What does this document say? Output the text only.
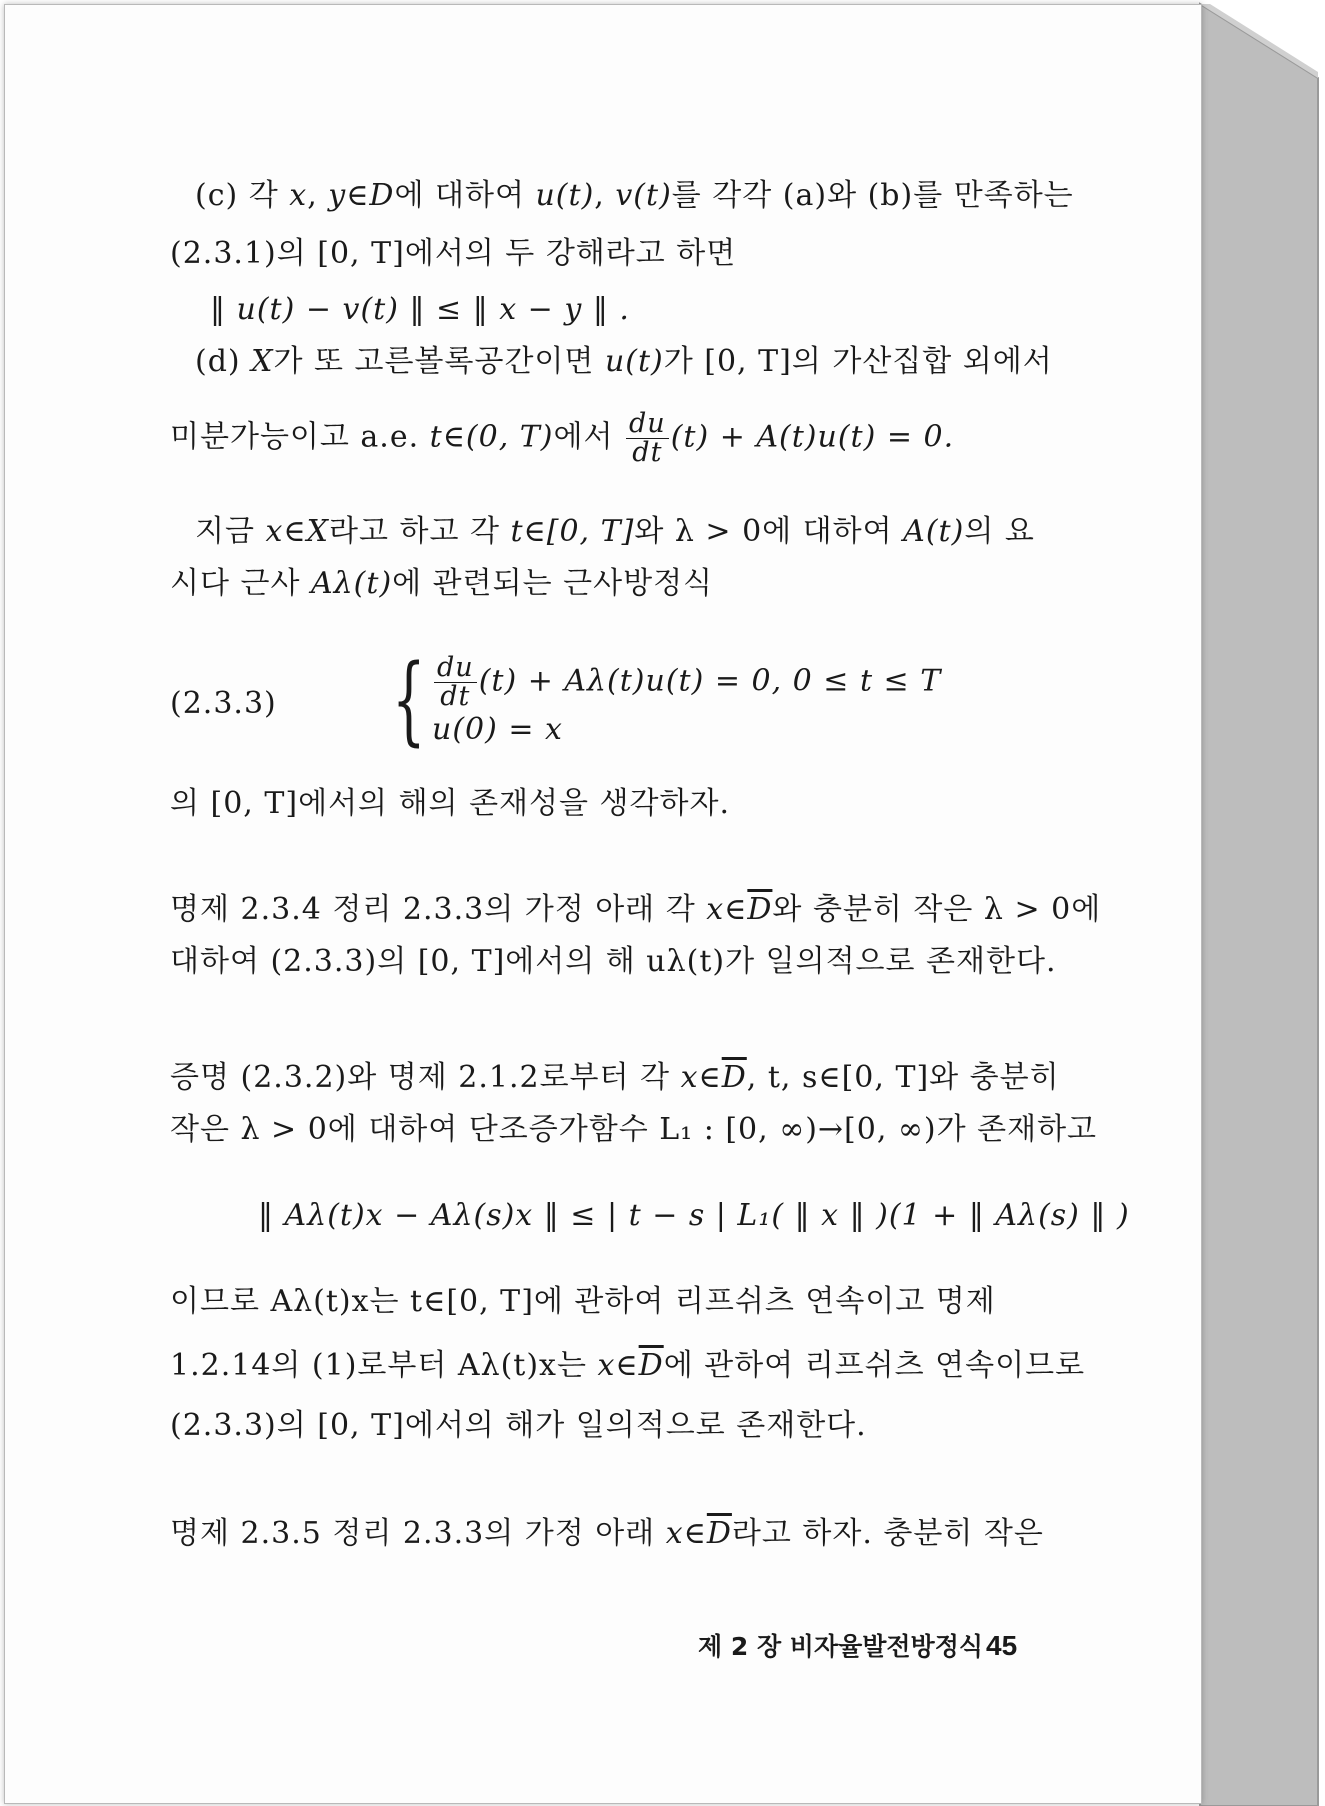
(c) 각 x, y∈D에 대하여 u(t), v(t)를 각각 (a)와 (b)를 만족하는
(2.3.1)의 [0, T]에서의 두 강해라고 하면
‖ u(t) − v(t) ‖ ≤ ‖ x − y ‖ .
(d) X가 또 고른볼록공간이면 u(t)가 [0, T]의 가산집합 외에서
미분가능이고 a.e. t∈(0, T)에서 $\frac{du}{dt} (t) + A(t)u(t) = 0$.
지금 x∈X라고 하고 각 t∈[0, T]와 λ > 0에 대하여 A(t)의 요
시다 근사 Aλ(t)에 관련되는 근사방정식
(2.3.3) { $\frac{du}{dt} (t) + A\lambda(t)u(t) = 0$, 0 ≤ t ≤ T
u(0) = x
의 [0, T]에서의 해의 존재성을 생각하자.
명제 2.3.4 정리 2.3.3의 가정 아래 각 $x\in\overline{D}$와 충분히 작은 λ > 0에
대하여 (2.3.3)의 [0, T]에서의 해 uλ(t)가 일의적으로 존재한다.
증명 (2.3.2)와 명제 2.1.2로부터 각 $x\in\overline{D}$, t, s∈[0, T]와 충분히
작은 λ > 0에 대하여 단조증가함수 L₁ : [0, ∞)→[0, ∞)가 존재하고
‖ Aλ(t)x − Aλ(s)x ‖ ≤ | t − s | L₁( ‖ x ‖ )(1 + ‖ Aλ(s) ‖ )
이므로 Aλ(t)x는 t∈[0, T]에 관하여 리프쉬츠 연속이고 명제
1.2.14의 (1)로부터 Aλ(t)x는 $x\in\overline{D}$에 관하여 리프쉬츠 연속이므로
(2.3.3)의 [0, T]에서의 해가 일의적으로 존재한다.
명제 2.3.5 정리 2.3.3의 가정 아래 $x\in\overline{D}$라고 하자. 충분히 작은
제 2 장 비자율발전방정식 45
